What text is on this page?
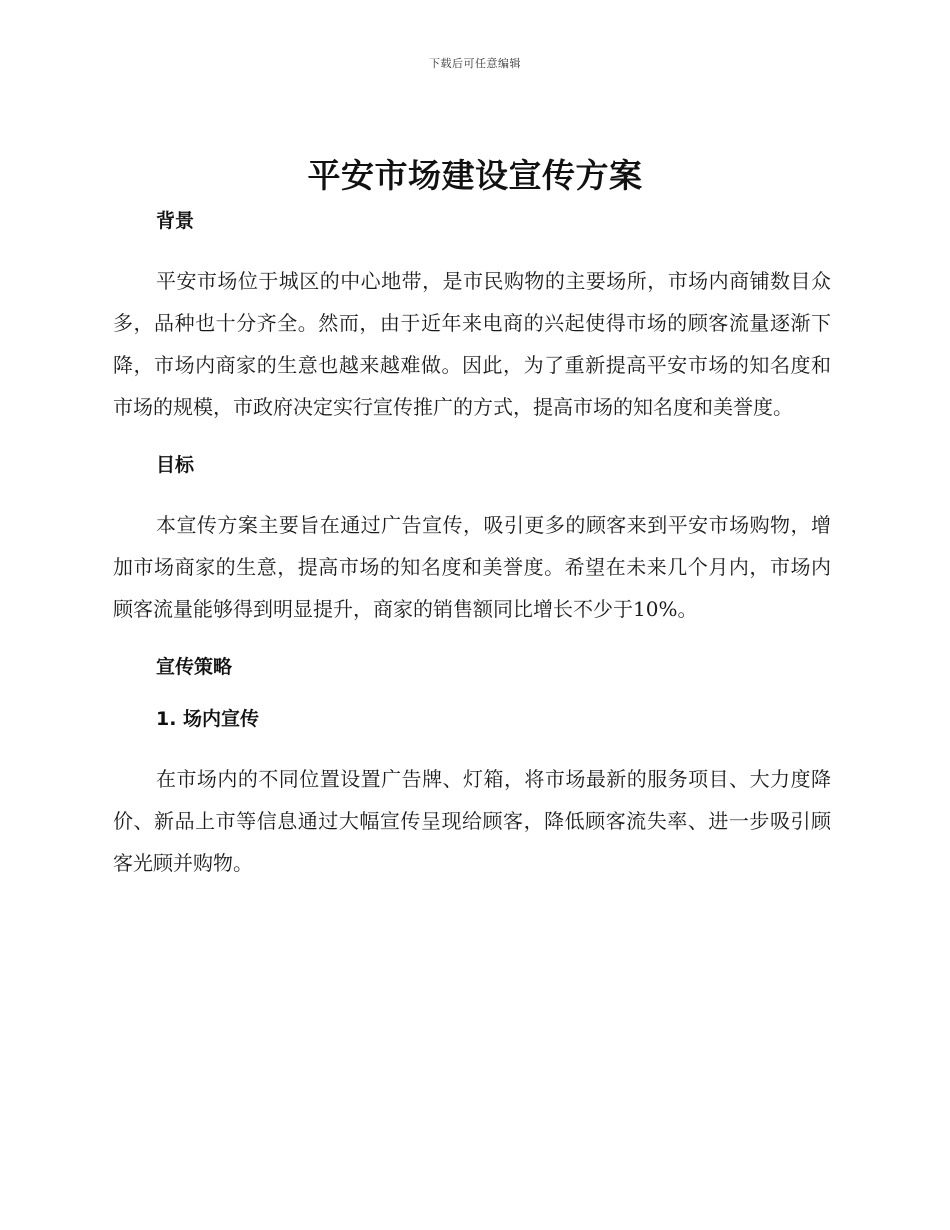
下载后可任意编辑
平安市场建设宣传方案
背景

平安市场位于城区的中心地带，是市民购物的主要场所，市场内商铺数目众多，品种也十分齐全。然而，由于近年来电商的兴起使得市场的顾客流量逐渐下降，市场内商家的生意也越来越难做。因此，为了重新提高平安市场的知名度和市场的规模，市政府决定实行宣传推广的方式，提高市场的知名度和美誉度。

目标

本宣传方案主要旨在通过广告宣传，吸引更多的顾客来到平安市场购物，增加市场商家的生意，提高市场的知名度和美誉度。希望在未来几个月内，市场内顾客流量能够得到明显提升，商家的销售额同比增长不少于10%。

宣传策略
1. 场内宣传

在市场内的不同位置设置广告牌、灯箱，将市场最新的服务项目、大力度降价、新品上市等信息通过大幅宣传呈现给顾客，降低顾客流失率、进一步吸引顾客光顾并购物。
